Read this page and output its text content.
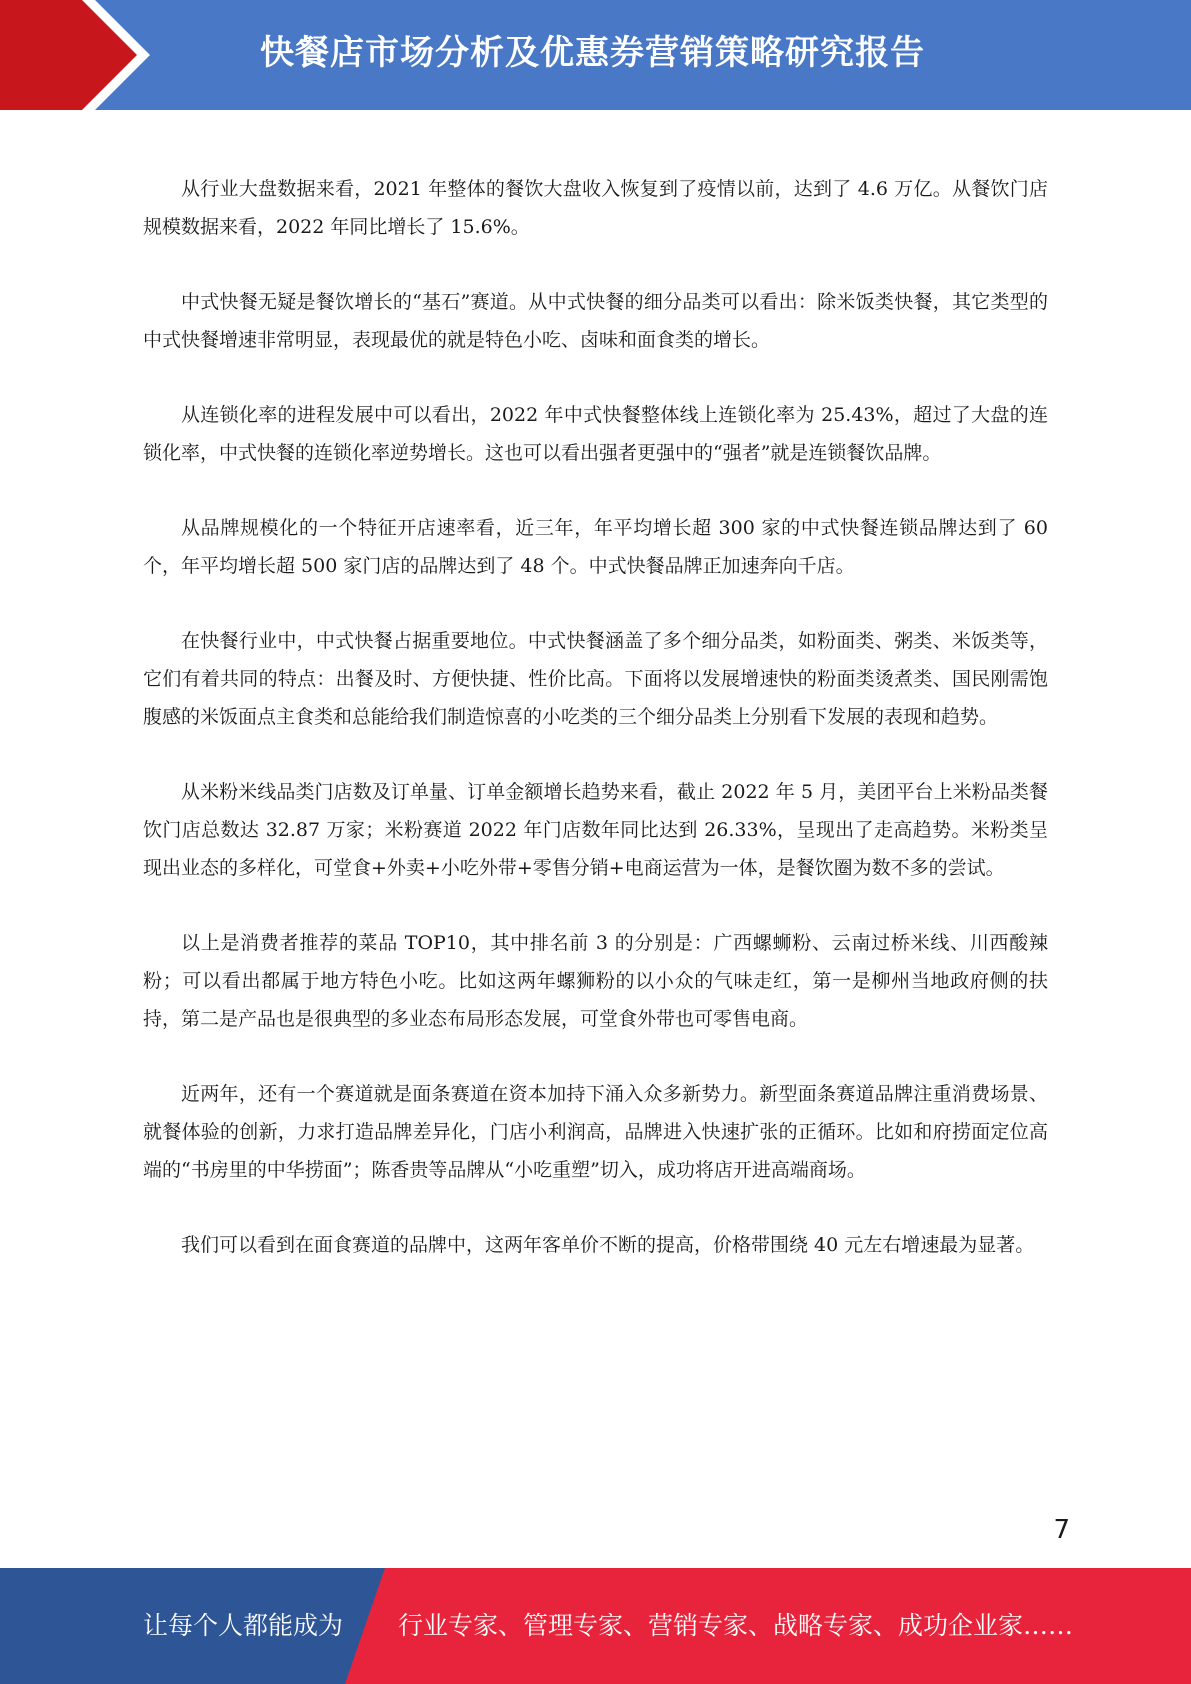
快餐店市场分析及优惠券营销策略研究报告

从行业大盘数据来看，2021 年整体的餐饮大盘收入恢复到了疫情以前，达到了 4.6 万亿。从餐饮门店规模数据来看，2022 年同比增长了 15.6%。

中式快餐无疑是餐饮增长的“基石”赛道。从中式快餐的细分品类可以看出：除米饭类快餐，其它类型的中式快餐增速非常明显，表现最优的就是特色小吃、卤味和面食类的增长。

从连锁化率的进程发展中可以看出，2022 年中式快餐整体线上连锁化率为 25.43%，超过了大盘的连锁化率，中式快餐的连锁化率逆势增长。这也可以看出强者更强中的“强者”就是连锁餐饮品牌。

从品牌规模化的一个特征开店速率看，近三年，年平均增长超 300 家的中式快餐连锁品牌达到了 60 个，年平均增长超 500 家门店的品牌达到了 48 个。中式快餐品牌正加速奔向千店。

在快餐行业中，中式快餐占据重要地位。中式快餐涵盖了多个细分品类，如粉面类、粥类、米饭类等，它们有着共同的特点：出餐及时、方便快捷、性价比高。下面将以发展增速快的粉面类烫煮类、国民刚需饱腹感的米饭面点主食类和总能给我们制造惊喜的小吃类的三个细分品类上分别看下发展的表现和趋势。

从米粉米线品类门店数及订单量、订单金额增长趋势来看，截止 2022 年 5 月，美团平台上米粉品类餐饮门店总数达 32.87 万家；米粉赛道 2022 年门店数年同比达到 26.33%，呈现出了走高趋势。米粉类呈现出业态的多样化，可堂食+外卖+小吃外带+零售分销+电商运营为一体，是餐饮圈为数不多的尝试。

以上是消费者推荐的菜品 TOP10，其中排名前 3 的分别是：广西螺蛳粉、云南过桥米线、川西酸辣粉；可以看出都属于地方特色小吃。比如这两年螺狮粉的以小众的气味走红，第一是柳州当地政府侧的扶持，第二是产品也是很典型的多业态布局形态发展，可堂食外带也可零售电商。

近两年，还有一个赛道就是面条赛道在资本加持下涌入众多新势力。新型面条赛道品牌注重消费场景、就餐体验的创新，力求打造品牌差异化，门店小利润高，品牌进入快速扩张的正循环。比如和府捞面定位高端的“书房里的中华捞面”；陈香贵等品牌从“小吃重塑”切入，成功将店开进高端商场。

我们可以看到在面食赛道的品牌中，这两年客单价不断的提高，价格带围绕 40 元左右增速最为显著。

7
让每个人都能成为 行业专家、管理专家、营销专家、战略专家、成功企业家……
